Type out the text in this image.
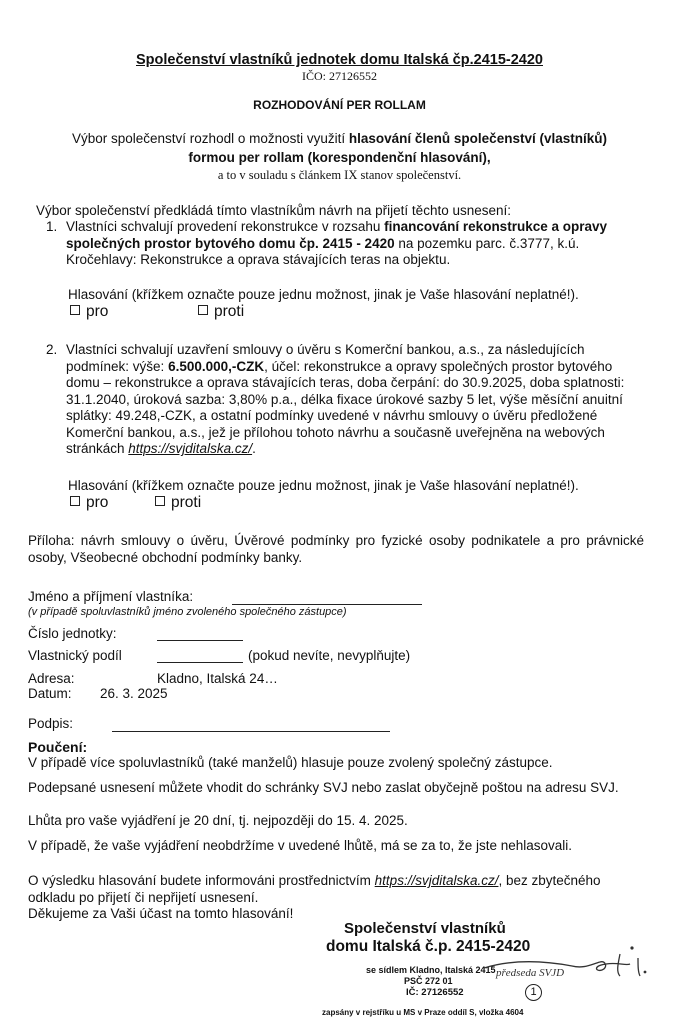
Společenství vlastníků jednotek domu Italská čp.2415-2420
IČO: 27126552
ROZHODOVÁNÍ PER ROLLAM
Výbor společenství rozhodl o možnosti využití hlasování členů společenství (vlastníků)
formou per rollam (korespondenční hlasování),
a to v souladu s článkem IX stanov společenství.

Výbor společenství předkládá tímto vlastníkům návrh na přijetí těchto usnesení:

1. Vlastníci schvalují provedení rekonstrukce v rozsahu financování rekonstrukce a opravy společných prostor bytového domu čp. 2415 - 2420 na pozemku parc. č.3777, k.ú. Kročehlavy: Rekonstrukce a oprava stávajících teras na objektu.

Hlasování (křížkem označte pouze jednu možnost, jinak je Vaše hlasování neplatné!).
pro	proti
2. Vlastníci schvalují uzavření smlouvy o úvěru s Komerční bankou, a.s., za následujících podmínek: výše: 6.500.000,-CZK, účel: rekonstrukce a opravy společných prostor bytového domu – rekonstrukce a oprava stávajících teras, doba čerpání: do 30.9.2025, doba splatnosti: 31.1.2040, úroková sazba: 3,80% p.a., délka fixace úrokové sazby 5 let, výše měsíční anuitní splátky: 49.248,-CZK, a ostatní podmínky uvedené v návrhu smlouvy o úvěru předložené Komerční bankou, a.s., jež je přílohou tohoto návrhu a současně uveřejněna na webových stránkách https://svjditalska.cz/.

Hlasování (křížkem označte pouze jednu možnost, jinak je Vaše hlasování neplatné!).
pro	proti

Příloha: návrh smlouvy o úvěru, Úvěrové podmínky pro fyzické osoby podnikatele a pro právnické osoby, Všeobecné obchodní podmínky banky.

Jméno a příjmení vlastníka:
(v případě spoluvlastníků jméno zvoleného společného zástupce)
Číslo jednotky:
Vlastnický podíl	(pokud nevíte, nevyplňujte)
Adresa:	Kladno, Italská 24…
Datum: 26. 3. 2025
Podpis:
Poučení:

V případě více spoluvlastníků (také manželů) hlasuje pouze zvolený společný zástupce.

Podepsané usnesení můžete vhodit do schránky SVJ nebo zaslat obyčejně poštou na adresu SVJ.

Lhůta pro vaše vyjádření je 20 dní, tj. nejpozději do 15. 4. 2025.

V případě, že vaše vyjádření neobdržíme v uvedené lhůtě, má se za to, že jste nehlasovali.

O výsledku hlasování budete informováni prostřednictvím https://svjditalska.cz/, bez zbytečného odkladu po přijetí či nepřijetí usnesení.

Děkujeme za Vaši účast na tomto hlasování!

Společenství vlastníků
domu Italská č.p. 2415-2420
se sídlem Kladno, Italská 2415
PSČ 272 01
IČ: 27126552
zapsány v rejstříku u MS v Praze oddíl S, vložka 4604
předseda SVJD
1
